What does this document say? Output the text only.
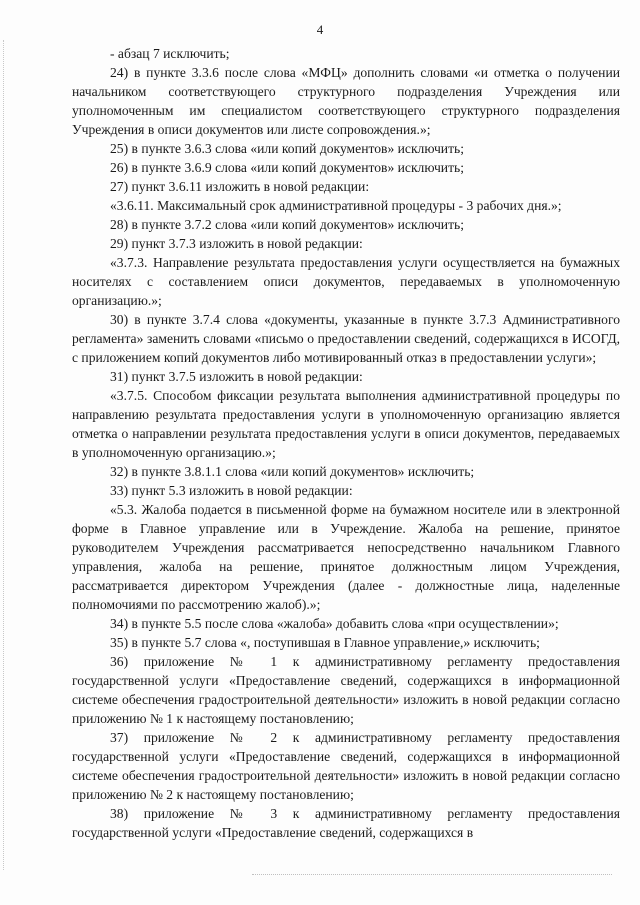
4

- абзац 7 исключить;

24) в пункте 3.3.6 после слова «МФЦ» дополнить словами «и отметка о получении начальником соответствующего структурного подразделения Учреждения или уполномоченным им специалистом соответствующего структурного подразделения Учреждения в описи документов или листе сопровождения.»;

25) в пункте 3.6.3 слова «или копий документов» исключить;

26) в пункте 3.6.9 слова «или копий документов» исключить;

27) пункт 3.6.11 изложить в новой редакции:

«3.6.11. Максимальный срок административной процедуры - 3 рабочих дня.»;

28) в пункте 3.7.2 слова «или копий документов» исключить;

29) пункт 3.7.3 изложить в новой редакции:

«3.7.3. Направление результата предоставления услуги осуществляется на бумажных носителях с составлением описи документов, передаваемых в уполномоченную организацию.»;

30) в пункте 3.7.4 слова «документы, указанные в пункте 3.7.3 Административного регламента» заменить словами «письмо о предоставлении сведений, содержащихся в ИСОГД, с приложением копий документов либо мотивированный отказ в предоставлении услуги»;

31) пункт 3.7.5 изложить в новой редакции:

«3.7.5. Способом фиксации результата выполнения административной процедуры по направлению результата предоставления услуги в уполномоченную организацию является отметка о направлении результата предоставления услуги в описи документов, передаваемых в уполномоченную организацию.»;

32) в пункте 3.8.1.1 слова «или копий документов» исключить;

33) пункт 5.3 изложить в новой редакции:

«5.3. Жалоба подается в письменной форме на бумажном носителе или в электронной форме в Главное управление или в Учреждение. Жалоба на решение, принятое руководителем Учреждения рассматривается непосредственно начальником Главного управления, жалоба на решение, принятое должностным лицом Учреждения, рассматривается директором Учреждения (далее - должностные лица, наделенные полномочиями по рассмотрению жалоб).»;

34) в пункте 5.5 после слова «жалоба» добавить слова «при осуществлении»;

35) в пункте 5.7 слова «, поступившая в Главное управление,» исключить;

36) приложение № 1 к административному регламенту предоставления государственной услуги «Предоставление сведений, содержащихся в информационной системе обеспечения градостроительной деятельности» изложить в новой редакции согласно приложению № 1 к настоящему постановлению;

37) приложение № 2 к административному регламенту предоставления государственной услуги «Предоставление сведений, содержащихся в информационной системе обеспечения градостроительной деятельности» изложить в новой редакции согласно приложению № 2 к настоящему постановлению;

38) приложение № 3 к административному регламенту предоставления государственной услуги «Предоставление сведений, содержащихся в
